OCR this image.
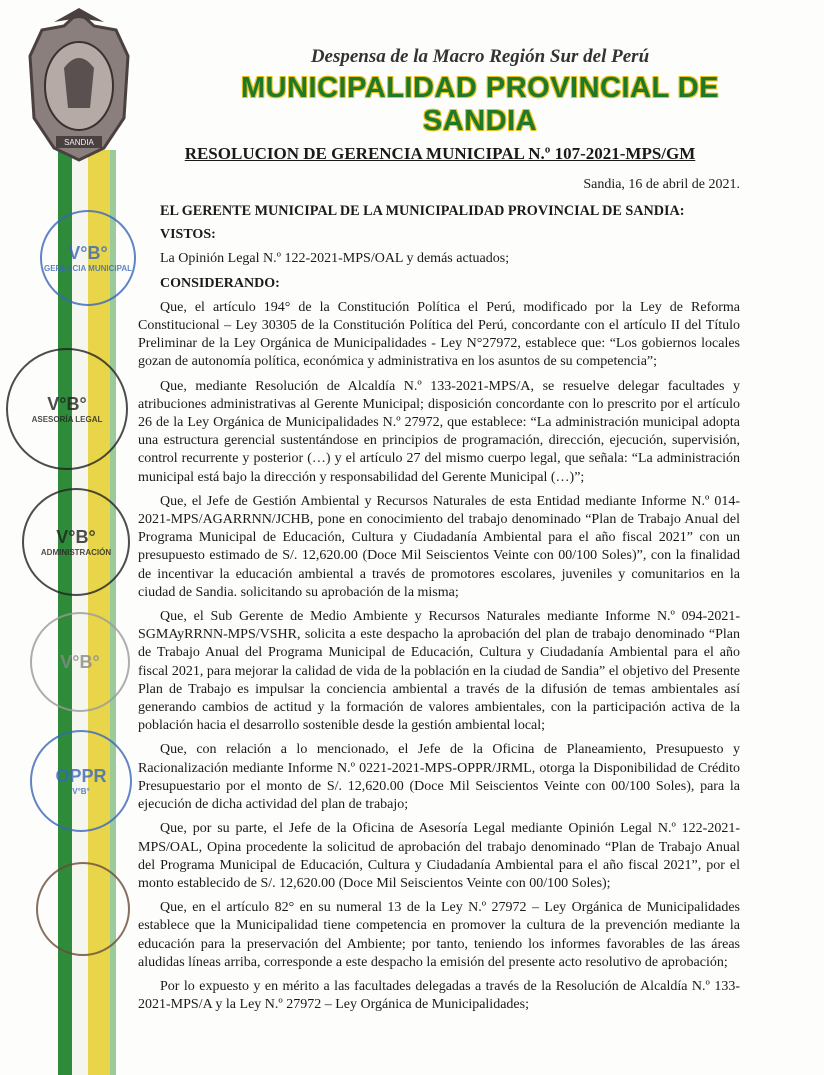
SANDIA
Despensa de la Macro Región Sur del Perú
MUNICIPALIDAD PROVINCIAL DE SANDIA
RESOLUCION DE GERENCIA MUNICIPAL N.º 107-2021-MPS/GM
Sandia, 16 de abril de 2021.
EL GERENTE MUNICIPAL DE LA MUNICIPALIDAD PROVINCIAL DE SANDIA:
VISTOS:
La Opinión Legal N.º 122-2021-MPS/OAL y demás actuados;
CONSIDERANDO:

Que, el artículo 194° de la Constitución Política el Perú, modificado por la Ley de Reforma Constitucional – Ley 30305 de la Constitución Política del Perú, concordante con el artículo II del Título Preliminar de la Ley Orgánica de Municipalidades - Ley N°27972, establece que: “Los gobiernos locales gozan de autonomía política, económica y administrativa en los asuntos de su competencia”;

Que, mediante Resolución de Alcaldía N.º 133-2021-MPS/A, se resuelve delegar facultades y atribuciones administrativas al Gerente Municipal; disposición concordante con lo prescrito por el artículo 26 de la Ley Orgánica de Municipalidades N.º 27972, que establece: “La administración municipal adopta una estructura gerencial sustentándose en principios de programación, dirección, ejecución, supervisión, control recurrente y posterior (…) y el artículo 27 del mismo cuerpo legal, que señala: “La administración municipal está bajo la dirección y responsabilidad del Gerente Municipal (…)”;

Que, el Jefe de Gestión Ambiental y Recursos Naturales de esta Entidad mediante Informe N.º 014-2021-MPS/AGARRNN/JCHB, pone en conocimiento del trabajo denominado “Plan de Trabajo Anual del Programa Municipal de Educación, Cultura y Ciudadanía Ambiental para el año fiscal 2021” con un presupuesto estimado de S/. 12,620.00 (Doce Mil Seiscientos Veinte con 00/100 Soles)”, con la finalidad de incentivar la educación ambiental a través de promotores escolares, juveniles y comunitarios en la ciudad de Sandia. solicitando su aprobación de la misma;

Que, el Sub Gerente de Medio Ambiente y Recursos Naturales mediante Informe N.º 094-2021-SGMAyRRNN-MPS/VSHR, solicita a este despacho la aprobación del plan de trabajo denominado “Plan de Trabajo Anual del Programa Municipal de Educación, Cultura y Ciudadanía Ambiental para el año fiscal 2021, para mejorar la calidad de vida de la población en la ciudad de Sandia” el objetivo del Presente Plan de Trabajo es impulsar la conciencia ambiental a través de la difusión de temas ambientales así generando cambios de actitud y la formación de valores ambientales, con la participación activa de la población hacia el desarrollo sostenible desde la gestión ambiental local;

Que, con relación a lo mencionado, el Jefe de la Oficina de Planeamiento, Presupuesto y Racionalización mediante Informe N.º 0221-2021-MPS-OPPR/JRML, otorga la Disponibilidad de Crédito Presupuestario por el monto de S/. 12,620.00 (Doce Mil Seiscientos Veinte con 00/100 Soles), para la ejecución de dicha actividad del plan de trabajo;

Que, por su parte, el Jefe de la Oficina de Asesoría Legal mediante Opinión Legal N.º 122-2021-MPS/OAL, Opina procedente la solicitud de aprobación del trabajo denominado “Plan de Trabajo Anual del Programa Municipal de Educación, Cultura y Ciudadanía Ambiental para el año fiscal 2021”, por el monto establecido de S/. 12,620.00 (Doce Mil Seiscientos Veinte con 00/100 Soles);

Que, en el artículo 82° en su numeral 13 de la Ley N.º 27972 – Ley Orgánica de Municipalidades establece que la Municipalidad tiene competencia en promover la cultura de la prevención mediante la educación para la preservación del Ambiente; por tanto, teniendo los informes favorables de las áreas aludidas líneas arriba, corresponde a este despacho la emisión del presente acto resolutivo de aprobación;

Por lo expuesto y en mérito a las facultades delegadas a través de la Resolución de Alcaldía N.º 133-2021-MPS/A y la Ley N.º 27972 – Ley Orgánica de Municipalidades;

V°B°
GERENCIA MUNICIPAL
V°B°
ASESORÍA LEGAL
V°B°
ADMINISTRACIÓN
V°B°
OPPR
V°B°
